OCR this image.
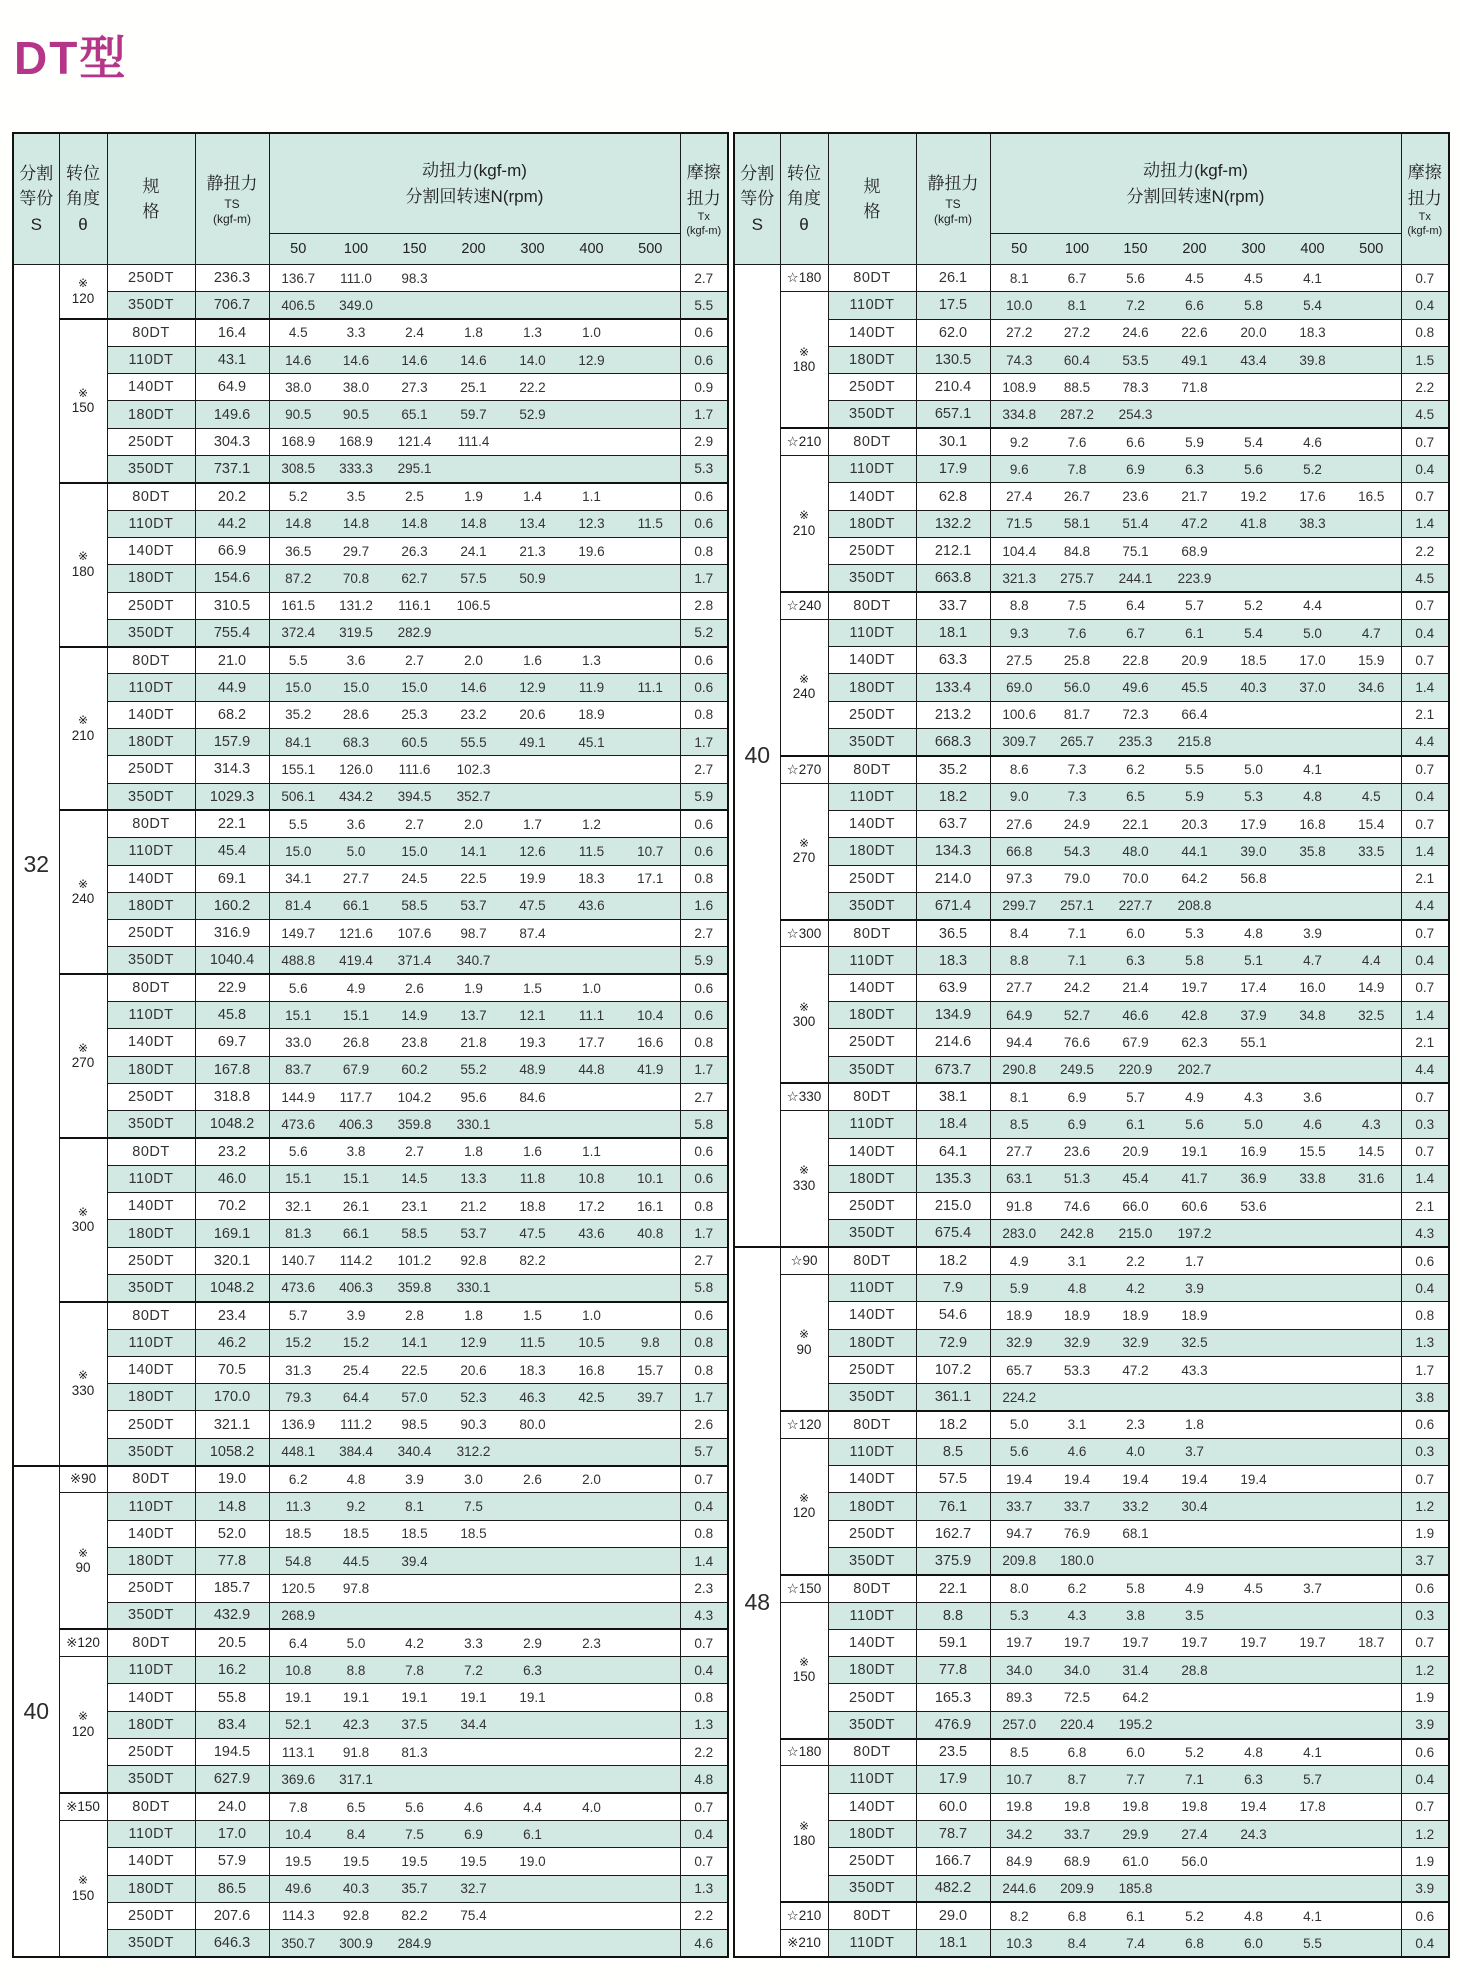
DT型
分割
等份
S	转位
角度
θ	规
格	静扭力
TS
(kgf-m)	动扭力(kgf-m)
分割回转速N(rpm)							摩擦
扭力
Tx
(kgf-m)

				50	100	150	200	300	400	500	
32	※
120	250DT	236.3	136.7	111.0	98.3					2.7
		350DT	706.7	406.5	349.0						5.5

	※
150	80DT	16.4	4.5	3.3	2.4	1.8	1.3	1.0		0.6
		110DT	43.1	14.6	14.6	14.6	14.6	14.0	12.9		0.6
		140DT	64.9	38.0	38.0	27.3	25.1	22.2			0.9
		180DT	149.6	90.5	90.5	65.1	59.7	52.9			1.7
		250DT	304.3	168.9	168.9	121.4	111.4				2.9
		350DT	737.1	308.5	333.3	295.1					5.3

	※
180	80DT	20.2	5.2	3.5	2.5	1.9	1.4	1.1		0.6
		110DT	44.2	14.8	14.8	14.8	14.8	13.4	12.3	11.5	0.6
		140DT	66.9	36.5	29.7	26.3	24.1	21.3	19.6		0.8
		180DT	154.6	87.2	70.8	62.7	57.5	50.9			1.7
		250DT	310.5	161.5	131.2	116.1	106.5				2.8
		350DT	755.4	372.4	319.5	282.9					5.2

	※
210	80DT	21.0	5.5	3.6	2.7	2.0	1.6	1.3		0.6
		110DT	44.9	15.0	15.0	15.0	14.6	12.9	11.9	11.1	0.6
		140DT	68.2	35.2	28.6	25.3	23.2	20.6	18.9		0.8
		180DT	157.9	84.1	68.3	60.5	55.5	49.1	45.1		1.7
		250DT	314.3	155.1	126.0	111.6	102.3				2.7
		350DT	1029.3	506.1	434.2	394.5	352.7				5.9

	※
240	80DT	22.1	5.5	3.6	2.7	2.0	1.7	1.2		0.6
		110DT	45.4	15.0	5.0	15.0	14.1	12.6	11.5	10.7	0.6
		140DT	69.1	34.1	27.7	24.5	22.5	19.9	18.3	17.1	0.8
		180DT	160.2	81.4	66.1	58.5	53.7	47.5	43.6		1.6
		250DT	316.9	149.7	121.6	107.6	98.7	87.4			2.7
		350DT	1040.4	488.8	419.4	371.4	340.7				5.9

	※
270	80DT	22.9	5.6	4.9	2.6	1.9	1.5	1.0		0.6
		110DT	45.8	15.1	15.1	14.9	13.7	12.1	11.1	10.4	0.6
		140DT	69.7	33.0	26.8	23.8	21.8	19.3	17.7	16.6	0.8
		180DT	167.8	83.7	67.9	60.2	55.2	48.9	44.8	41.9	1.7
		250DT	318.8	144.9	117.7	104.2	95.6	84.6			2.7
		350DT	1048.2	473.6	406.3	359.8	330.1				5.8

	※
300	80DT	23.2	5.6	3.8	2.7	1.8	1.6	1.1		0.6
		110DT	46.0	15.1	15.1	14.5	13.3	11.8	10.8	10.1	0.6
		140DT	70.2	32.1	26.1	23.1	21.2	18.8	17.2	16.1	0.8
		180DT	169.1	81.3	66.1	58.5	53.7	47.5	43.6	40.8	1.7
		250DT	320.1	140.7	114.2	101.2	92.8	82.2			2.7
		350DT	1048.2	473.6	406.3	359.8	330.1				5.8

	※
330	80DT	23.4	5.7	3.9	2.8	1.8	1.5	1.0		0.6
		110DT	46.2	15.2	15.2	14.1	12.9	11.5	10.5	9.8	0.8
		140DT	70.5	31.3	25.4	22.5	20.6	18.3	16.8	15.7	0.8
		180DT	170.0	79.3	64.4	57.0	52.3	46.3	42.5	39.7	1.7
		250DT	321.1	136.9	111.2	98.5	90.3	80.0			2.6
		350DT	1058.2	448.1	384.4	340.4	312.2				5.7
40	※90	80DT	19.0	6.2	4.8	3.9	3.0	2.6	2.0		0.7

	※
90	110DT	14.8	11.3	9.2	8.1	7.5				0.4
		140DT	52.0	18.5	18.5	18.5	18.5				0.8
		180DT	77.8	54.8	44.5	39.4					1.4
		250DT	185.7	120.5	97.8						2.3
		350DT	432.9	268.9							4.3
	※120	80DT	20.5	6.4	5.0	4.2	3.3	2.9	2.3		0.7

	※
120	110DT	16.2	10.8	8.8	7.8	7.2	6.3			0.4
		140DT	55.8	19.1	19.1	19.1	19.1	19.1			0.8
		180DT	83.4	52.1	42.3	37.5	34.4				1.3
		250DT	194.5	113.1	91.8	81.3					2.2
		350DT	627.9	369.6	317.1						4.8
	※150	80DT	24.0	7.8	6.5	5.6	4.6	4.4	4.0		0.7

	※
150	110DT	17.0	10.4	8.4	7.5	6.9	6.1			0.4
		140DT	57.9	19.5	19.5	19.5	19.5	19.0			0.7
		180DT	86.5	49.6	40.3	35.7	32.7				1.3
		250DT	207.6	114.3	92.8	82.2	75.4				2.2
		350DT	646.3	350.7	300.9	284.9					4.6
分割
等份
S	转位
角度
θ	规
格	静扭力
TS
(kgf-m)	动扭力(kgf-m)
分割回转速N(rpm)							摩擦
扭力
Tx
(kgf-m)

				50	100	150	200	300	400	500	
40	☆180	80DT	26.1	8.1	6.7	5.6	4.5	4.5	4.1		0.7

	※
180	110DT	17.5	10.0	8.1	7.2	6.6	5.8	5.4		0.4
		140DT	62.0	27.2	27.2	24.6	22.6	20.0	18.3		0.8
		180DT	130.5	74.3	60.4	53.5	49.1	43.4	39.8		1.5
		250DT	210.4	108.9	88.5	78.3	71.8				2.2
		350DT	657.1	334.8	287.2	254.3					4.5
	☆210	80DT	30.1	9.2	7.6	6.6	5.9	5.4	4.6		0.7

	※
210	110DT	17.9	9.6	7.8	6.9	6.3	5.6	5.2		0.4
		140DT	62.8	27.4	26.7	23.6	21.7	19.2	17.6	16.5	0.7
		180DT	132.2	71.5	58.1	51.4	47.2	41.8	38.3		1.4
		250DT	212.1	104.4	84.8	75.1	68.9				2.2
		350DT	663.8	321.3	275.7	244.1	223.9				4.5
	☆240	80DT	33.7	8.8	7.5	6.4	5.7	5.2	4.4		0.7

	※
240	110DT	18.1	9.3	7.6	6.7	6.1	5.4	5.0	4.7	0.4
		140DT	63.3	27.5	25.8	22.8	20.9	18.5	17.0	15.9	0.7
		180DT	133.4	69.0	56.0	49.6	45.5	40.3	37.0	34.6	1.4
		250DT	213.2	100.6	81.7	72.3	66.4				2.1
		350DT	668.3	309.7	265.7	235.3	215.8				4.4
	☆270	80DT	35.2	8.6	7.3	6.2	5.5	5.0	4.1		0.7

	※
270	110DT	18.2	9.0	7.3	6.5	5.9	5.3	4.8	4.5	0.4
		140DT	63.7	27.6	24.9	22.1	20.3	17.9	16.8	15.4	0.7
		180DT	134.3	66.8	54.3	48.0	44.1	39.0	35.8	33.5	1.4
		250DT	214.0	97.3	79.0	70.0	64.2	56.8			2.1
		350DT	671.4	299.7	257.1	227.7	208.8				4.4
	☆300	80DT	36.5	8.4	7.1	6.0	5.3	4.8	3.9		0.7

	※
300	110DT	18.3	8.8	7.1	6.3	5.8	5.1	4.7	4.4	0.4
		140DT	63.9	27.7	24.2	21.4	19.7	17.4	16.0	14.9	0.7
		180DT	134.9	64.9	52.7	46.6	42.8	37.9	34.8	32.5	1.4
		250DT	214.6	94.4	76.6	67.9	62.3	55.1			2.1
		350DT	673.7	290.8	249.5	220.9	202.7				4.4
	☆330	80DT	38.1	8.1	6.9	5.7	4.9	4.3	3.6		0.7

	※
330	110DT	18.4	8.5	6.9	6.1	5.6	5.0	4.6	4.3	0.3
		140DT	64.1	27.7	23.6	20.9	19.1	16.9	15.5	14.5	0.7
		180DT	135.3	63.1	51.3	45.4	41.7	36.9	33.8	31.6	1.4
		250DT	215.0	91.8	74.6	66.0	60.6	53.6			2.1
		350DT	675.4	283.0	242.8	215.0	197.2				4.3
48	☆90	80DT	18.2	4.9	3.1	2.2	1.7				0.6

	※
90	110DT	7.9	5.9	4.8	4.2	3.9				0.4
		140DT	54.6	18.9	18.9	18.9	18.9				0.8
		180DT	72.9	32.9	32.9	32.9	32.5				1.3
		250DT	107.2	65.7	53.3	47.2	43.3				1.7
		350DT	361.1	224.2							3.8
	☆120	80DT	18.2	5.0	3.1	2.3	1.8				0.6

	※
120	110DT	8.5	5.6	4.6	4.0	3.7				0.3
		140DT	57.5	19.4	19.4	19.4	19.4	19.4			0.7
		180DT	76.1	33.7	33.7	33.2	30.4				1.2
		250DT	162.7	94.7	76.9	68.1					1.9
		350DT	375.9	209.8	180.0						3.7
	☆150	80DT	22.1	8.0	6.2	5.8	4.9	4.5	3.7		0.6

	※
150	110DT	8.8	5.3	4.3	3.8	3.5				0.3
		140DT	59.1	19.7	19.7	19.7	19.7	19.7	19.7	18.7	0.7
		180DT	77.8	34.0	34.0	31.4	28.8				1.2
		250DT	165.3	89.3	72.5	64.2					1.9
		350DT	476.9	257.0	220.4	195.2					3.9
	☆180	80DT	23.5	8.5	6.8	6.0	5.2	4.8	4.1		0.6

	※
180	110DT	17.9	10.7	8.7	7.7	7.1	6.3	5.7		0.4
		140DT	60.0	19.8	19.8	19.8	19.8	19.4	17.8		0.7
		180DT	78.7	34.2	33.7	29.9	27.4	24.3			1.2
		250DT	166.7	84.9	68.9	61.0	56.0				1.9
		350DT	482.2	244.6	209.9	185.8					3.9
	☆210	80DT	29.0	8.2	6.8	6.1	5.2	4.8	4.1		0.6
	※210	110DT	18.1	10.3	8.4	7.4	6.8	6.0	5.5		0.4
